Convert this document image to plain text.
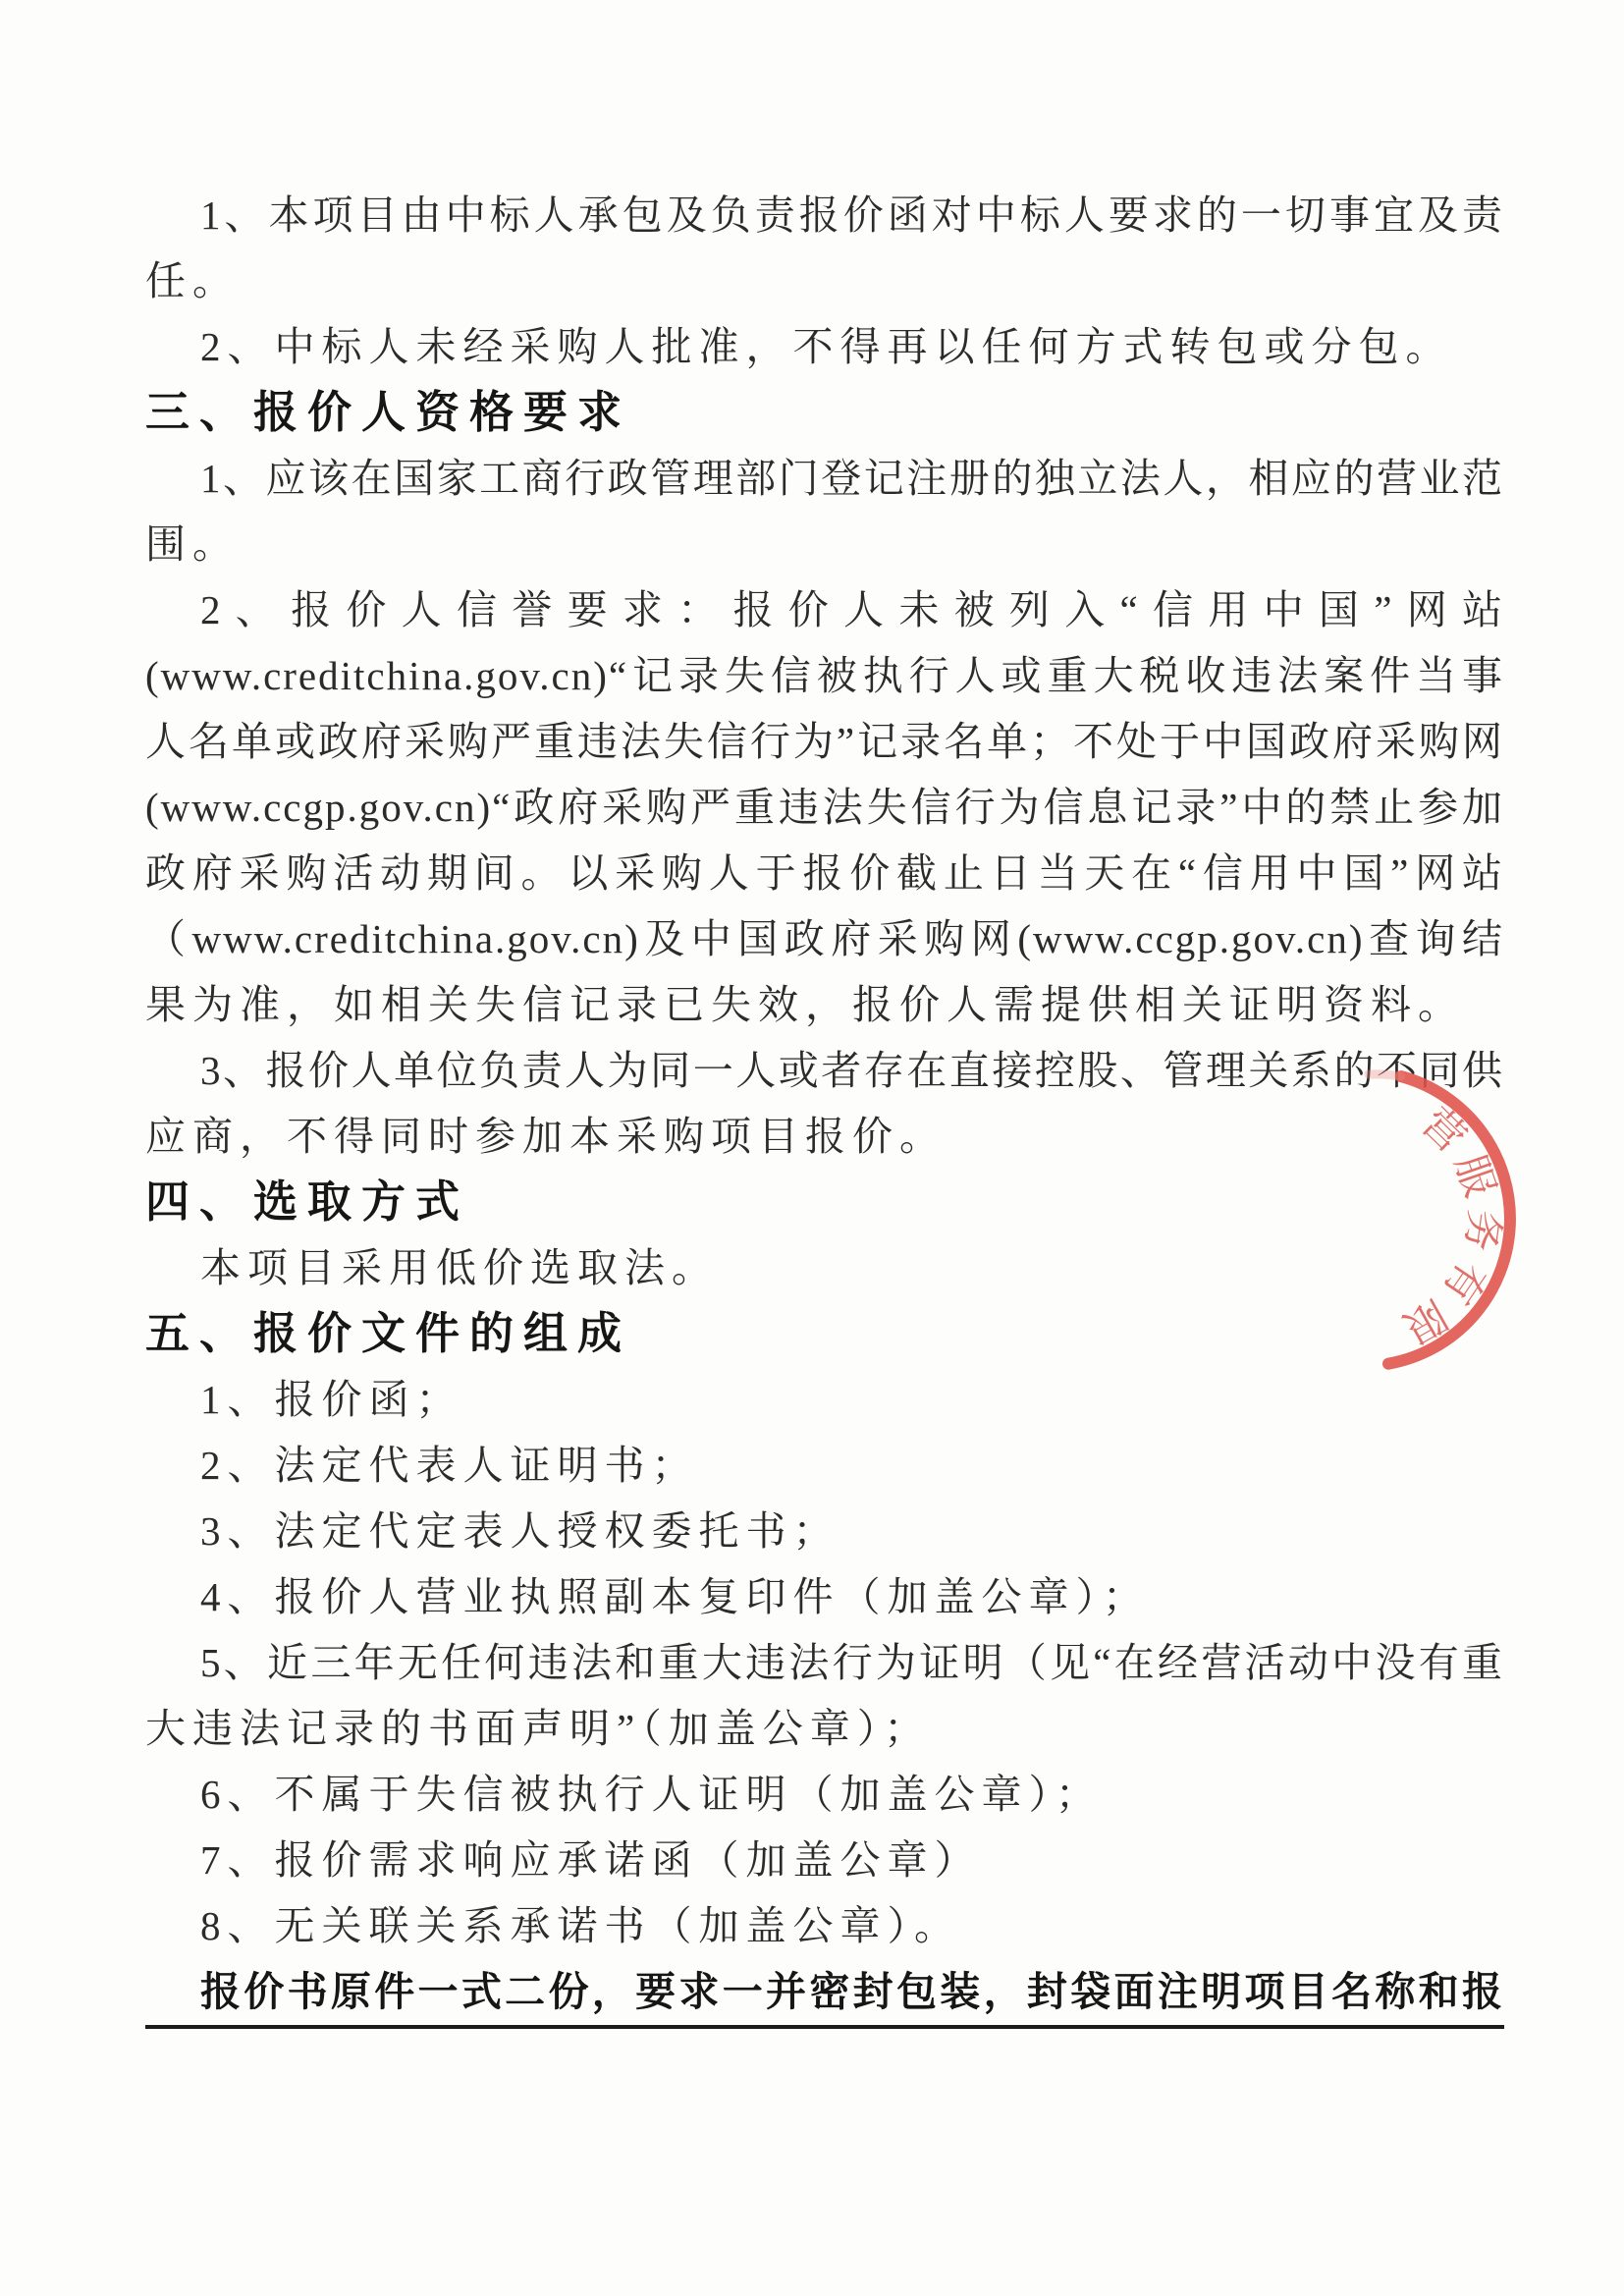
1、本项目由中标人承包及负责报价函对中标人要求的一切事宜及责
任。
2、中标人未经采购人批准，不得再以任何方式转包或分包。
三、报价人资格要求
1、应该在国家工商行政管理部门登记注册的独立法人，相应的营业范
围。
2、报价人信誉要求：报价人未被列入“信用中国”网站
(www.creditchina.gov.cn)“记录失信被执行人或重大税收违法案件当事
人名单或政府采购严重违法失信行为”记录名单；不处于中国政府采购网
(www.ccgp.gov.cn)“政府采购严重违法失信行为信息记录”中的禁止参加
政府采购活动期间。以采购人于报价截止日当天在“信用中国”网站
（www.creditchina.gov.cn)及中国政府采购网(www.ccgp.gov.cn)查询结
果为准，如相关失信记录已失效，报价人需提供相关证明资料。
3、报价人单位负责人为同一人或者存在直接控股、管理关系的不同供
应商，不得同时参加本采购项目报价。
四、选取方式
本项目采用低价选取法。
五、报价文件的组成
1、报价函；
2、法定代表人证明书；
3、法定代定表人授权委托书；
4、报价人营业执照副本复印件（加盖公章）；
5、近三年无任何违法和重大违法行为证明（见“在经营活动中没有重
大违法记录的书面声明”（加盖公章）；
6、不属于失信被执行人证明（加盖公章）；
7、报价需求响应承诺函（加盖公章）
8、无关联关系承诺书（加盖公章）。
报价书原件一式二份，要求一并密封包装，封袋面注明项目名称和报
营服务有限
